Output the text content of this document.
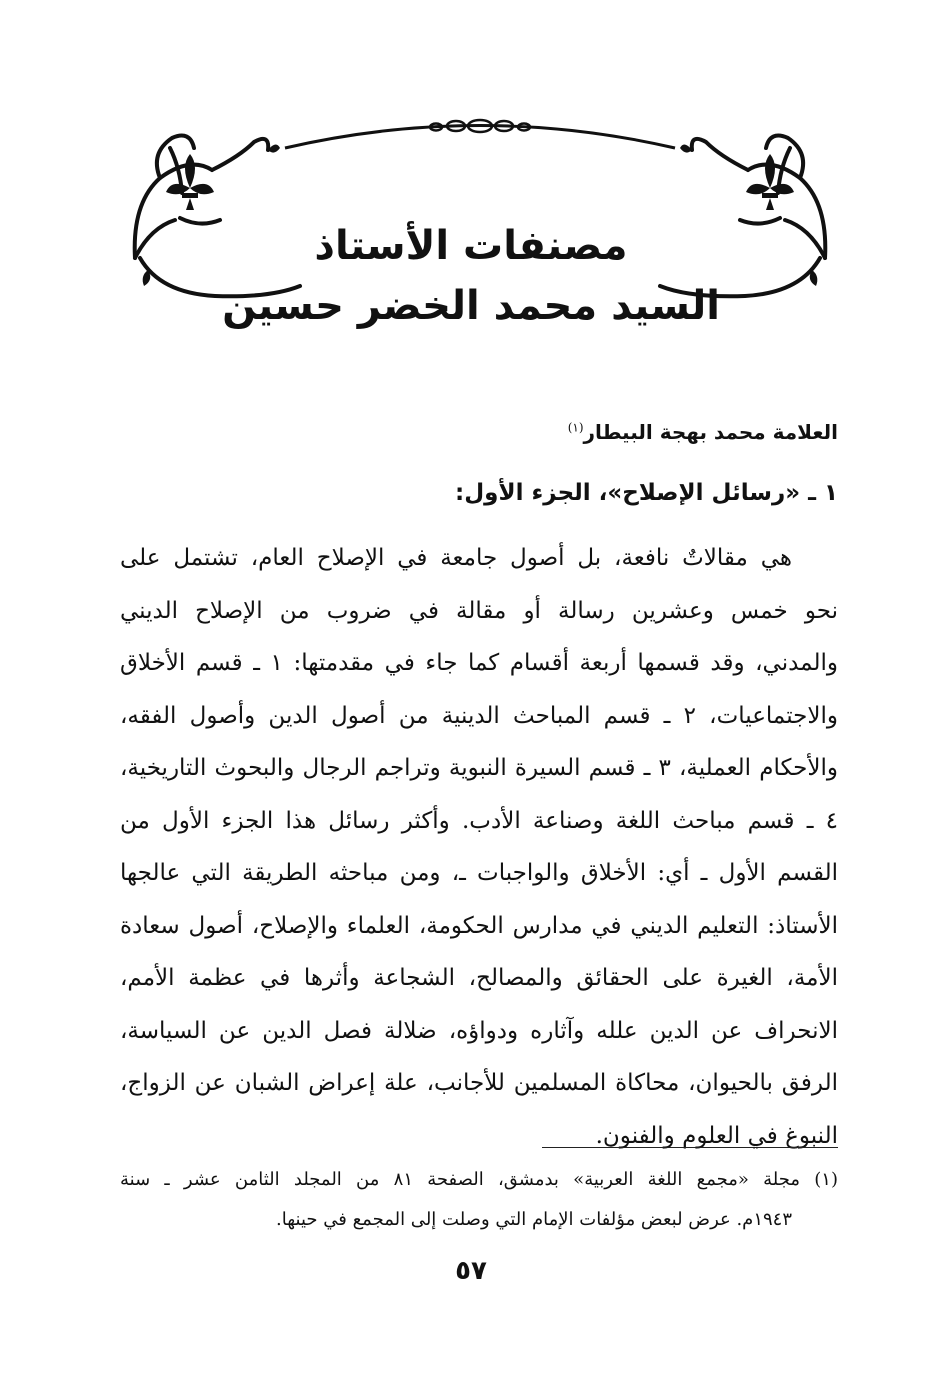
مصنفات الأستاذ
السيد محمد الخضر حسين
العلامة محمد بهجة البيطار$^{(١)}$
١ ـ «رسائل الإصلاح»، الجزء الأول:
هي مقالاتٌ نافعة، بل أصول جامعة في الإصلاح العام، تشتمل على
نحو خمس وعشرين رسالة أو مقالة في ضروب من الإصلاح الديني
والمدني، وقد قسمها أربعة أقسام كما جاء في مقدمتها: ١ ـ قسم الأخلاق
والاجتماعيات، ٢ ـ قسم المباحث الدينية من أصول الدين وأصول الفقه،
والأحكام العملية، ٣ ـ قسم السيرة النبوية وتراجم الرجال والبحوث التاريخية،
٤ ـ قسم مباحث اللغة وصناعة الأدب. وأكثر رسائل هذا الجزء الأول من
القسم الأول ـ أي: الأخلاق والواجبات ـ، ومن مباحثه الطريقة التي عالجها
الأستاذ: التعليم الديني في مدارس الحكومة، العلماء والإصلاح، أصول سعادة
الأمة، الغيرة على الحقائق والمصالح، الشجاعة وأثرها في عظمة الأمم،
الانحراف عن الدين علله وآثاره ودواؤه، ضلالة فصل الدين عن السياسة،
الرفق بالحيوان، محاكاة المسلمين للأجانب، علة إعراض الشبان عن الزواج،
النبوغ في العلوم والفنون.
(١) مجلة «مجمع اللغة العربية» بدمشق، الصفحة ٨١ من المجلد الثامن عشر ـ سنة
١٩٤٣م. عرض لبعض مؤلفات الإمام التي وصلت إلى المجمع في حينها.
٥٧
